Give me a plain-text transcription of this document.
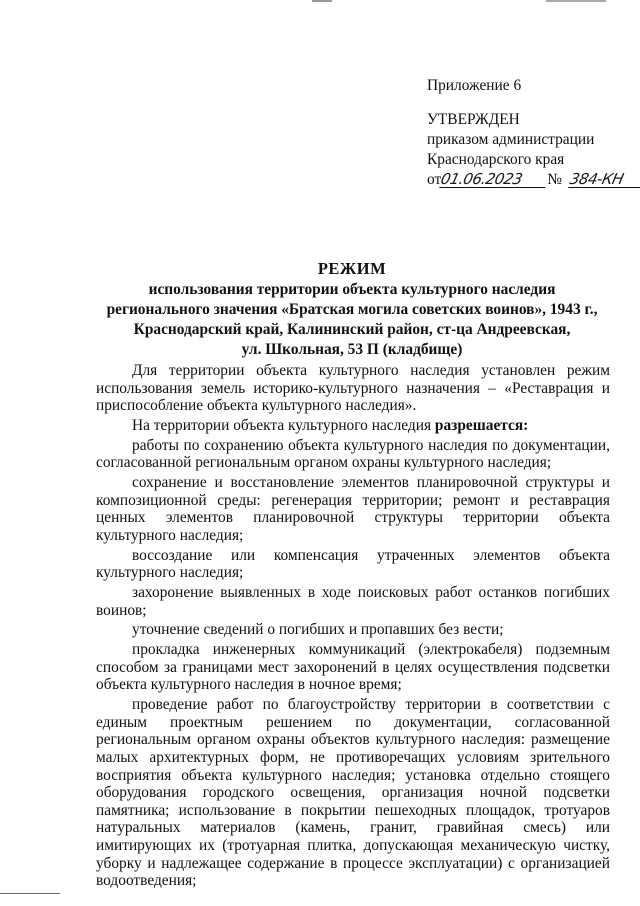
Приложение 6
УТВЕРЖДЕН
приказом администрации
Краснодарского края
от01.06.2023 № 384-КН
РЕЖИМ
использования территории объекта культурного наследия
регионального значения «Братская могила советских воинов», 1943 г.,
Краснодарский край, Калининский район, ст-ца Андреевская,
ул. Школьная, 53 П (кладбище)

Для территории объекта культурного наследия установлен режим использования земель историко-культурного назначения – «Реставрация и приспособление объекта культурного наследия».

На территории объекта культурного наследия разрешается:

работы по сохранению объекта культурного наследия по документации, согласованной региональным органом охраны культурного наследия;

сохранение и восстановление элементов планировочной структуры и композиционной среды: регенерация территории; ремонт и реставрация ценных элементов планировочной структуры территории объекта культурного наследия;

воссоздание или компенсация утраченных элементов объекта культурного наследия;

захоронение выявленных в ходе поисковых работ останков погибших воинов;

уточнение сведений о погибших и пропавших без вести;

прокладка инженерных коммуникаций (электрокабеля) подземным способом за границами мест захоронений в целях осуществления подсветки объекта культурного наследия в ночное время;

проведение работ по благоустройству территории в соответствии с единым проектным решением по документации, согласованной региональным органом охраны объектов культурного наследия: размещение малых архитектурных форм, не противоречащих условиям зрительного восприятия объекта культурного наследия; установка отдельно стоящего оборудования городского освещения, организация ночной подсветки памятника; использование в покрытии пешеходных площадок, тротуаров натуральных материалов (камень, гранит, гравийная смесь) или имитирующих их (тротуарная плитка, допускающая механическую чистку, уборку и надлежащее содержание в процессе эксплуатации) с организацией водоотведения;
